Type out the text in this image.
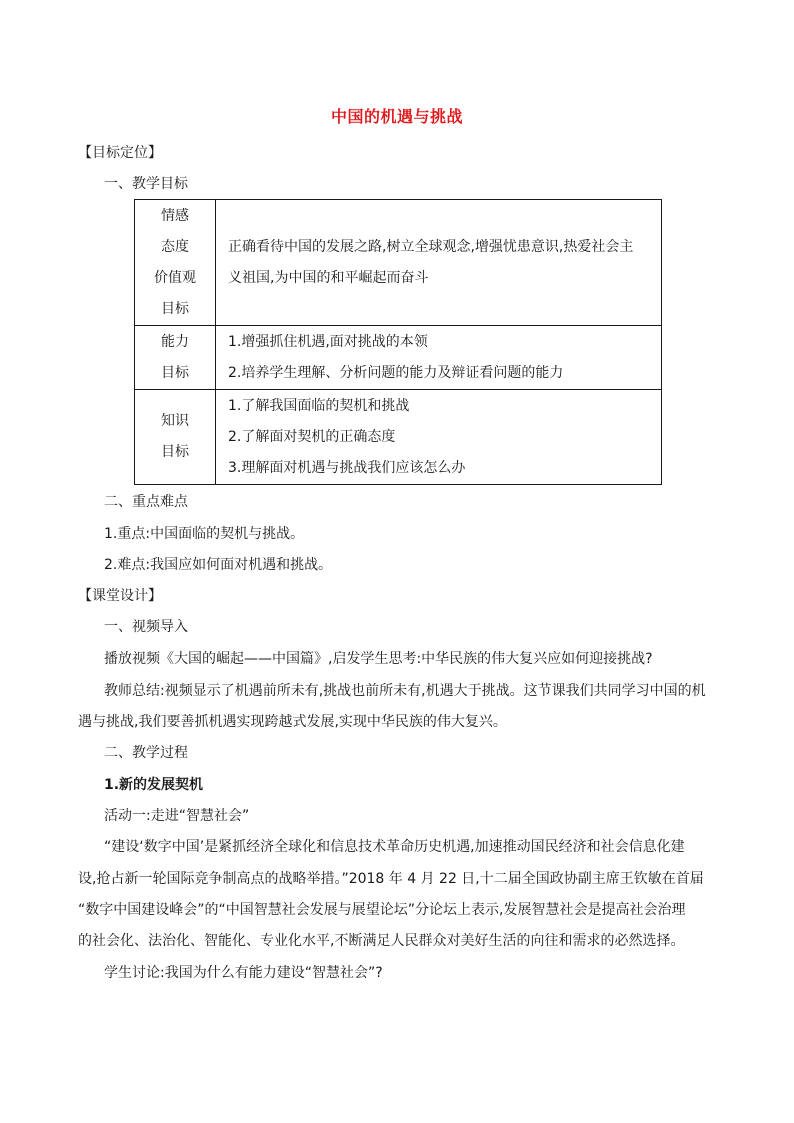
中国的机遇与挑战
【目标定位】
一、教学目标
情感
态度
价值观
目标	正确看待中国的发展之路,树立全球观念,增强忧患意识,热爱社会主
义祖国,为中国的和平崛起而奋斗

能力
目标	1.增强抓住机遇,面对挑战的本领
2.培养学生理解、分析问题的能力及辩证看问题的能力

知识
目标	1.了解我国面临的契机和挑战
2.了解面对契机的正确态度
3.理解面对机遇与挑战我们应该怎么办
二、重点难点
1.重点:中国面临的契机与挑战。
2.难点:我国应如何面对机遇和挑战。
【课堂设计】
一、视频导入
播放视频《大国的崛起——中国篇》,启发学生思考:中华民族的伟大复兴应如何迎接挑战?
教师总结:视频显示了机遇前所未有,挑战也前所未有,机遇大于挑战。这节课我们共同学习中国的机
遇与挑战,我们要善抓机遇实现跨越式发展,实现中华民族的伟大复兴。
二、教学过程
1.新的发展契机
活动一:走进“智慧社会”
“建设‘数字中国’是紧抓经济全球化和信息技术革命历史机遇,加速推动国民经济和社会信息化建
设,抢占新一轮国际竞争制高点的战略举措。”2018 年 4 月 22 日,十二届全国政协副主席王钦敏在首届
“数字中国建设峰会”的“中国智慧社会发展与展望论坛”分论坛上表示,发展智慧社会是提高社会治理
的社会化、法治化、智能化、专业化水平,不断满足人民群众对美好生活的向往和需求的必然选择。
学生讨论:我国为什么有能力建设“智慧社会”?
